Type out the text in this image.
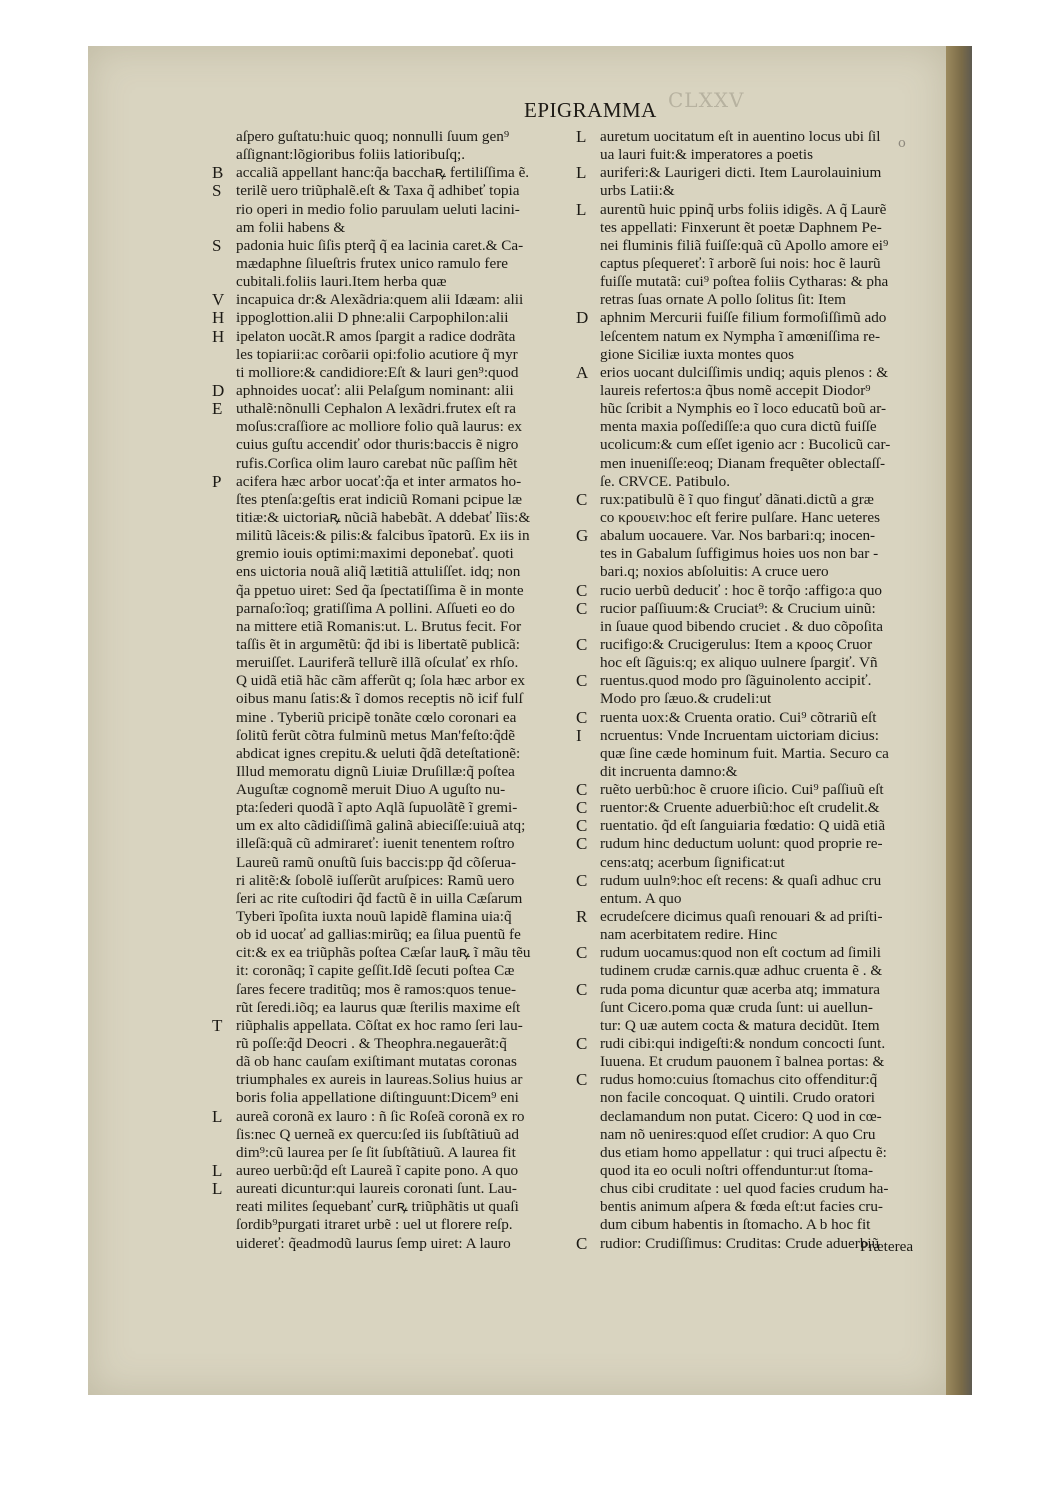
CLXXV
EPIGRAMMA
o
aſpero guſtatu:huic quoq; nonnulli ſuum gen⁹
aſſignant:lõgioribus foliis latioribuſq;.
B accaliã appellant hanc:q̃a bacchaꝶ fertiliſſima ẽ.
S terilẽ uero triũphalẽ.eſt & Taxa q̃ adhibeť topia
rio operi in medio folio paruulam ueluti lacini-
am folii habens &
S padonia huic ſiſis pterq̃ q̃ ea lacinia caret.& Ca-
mædaphne ſilueſtris frutex unico ramulo fere
cubitali.foliis lauri.Item herba quæ
V incapuica dr:& Alexãdria:quem alii Idæam: alii
H ippoglottion.alii D phne:alii Carpophilon:alii
H ipelaton uocãt.R amos ſpargit a radice dodrãta
les topiarii:ac corõarii opi:folio acutiore q̃ myr
ti molliore:& candidiore:Eſt & lauri gen⁹:quod
D aphnoides uocať: alii Pelaſgum nominant: alii
E uthalẽ:nõnulli Cephalon A lexãdri.frutex eſt ra
moſus:craſſiore ac molliore folio quã laurus: ex
cuius guſtu accendiť odor thuris:baccis ẽ nigro
rufis.Corſica olim lauro carebat nũc paſſim hẽt
P acifera hæc arbor uocať:q̃a et inter armatos ho-
ſtes ptenſa:geſtis erat indiciũ Romani pcipue læ
titiæ:& uictoriaꝶ nũciã habebãt. A ddebať lĩis:&
militũ lãceis:& pilis:& falcibus ĩpatorũ. Ex iis in
gremio iouis optimi:maximi deponebať. quoti
ens uictoria nouã aliq̃ lætitiã attuliſſet. idq; non
q̃a ppetuo uiret: Sed q̃a ſpectatiſſima ẽ in monte
parnaſo:ĩoq; gratiſſima A pollini. Aſſueti eo do
na mittere etiã Romanis:ut. L. Brutus fecit. For
taſſis ẽt in argumẽtũ: q̃d ibi is libertatẽ publicã:
meruiſſet. Lauriferã tellurẽ illã oſculať ex rhſo.
Q uidã etiã hãc cãm afferũt q; ſola hæc arbor ex
oibus manu ſatis:& ĩ domos receptis nõ icif fulſ
mine . Tyberiũ pricipẽ tonãte cœlo coronari ea
ſolitũ ferũt cõtra fulminũ metus Man'feſto:q̃dẽ
abdicat ignes crepitu.& ueluti q̃dã deteſtationẽ:
Illud memoratu dignũ Liuiæ Druſillæ:q̃ poſtea
Auguſtæ cognomẽ meruit Diuo A uguſto nu-
pta:ſederi quodã ĩ apto Aqlã ſupuolãtẽ ĩ gremi-
um ex alto cãdidiſſimã galinã abieciſſe:uiuã atq;
illeſã:quã cũ admirareť: iuenit tenentem roſtro
Laureũ ramũ onuſtũ ſuis baccis:pp q̃d cõſerua-
ri alitẽ:& ſobolẽ iuſſerũt aruſpices: Ramũ uero
ſeri ac rite cuſtodiri q̃d factũ ẽ in uilla Cæſarum
Tyberi ĩpoſita iuxta nouũ lapidẽ flamina uia:q̃
ob id uocať ad gallias:mirũq; ea ſilua puentũ fe
cit:& ex ea triũphãs poſtea Cæſar lauꝶ ĩ mãu tẽu
it: coronãq; ĩ capite geſſit.Idẽ ſecuti poſtea Cæ
ſares fecere traditũq; mos ẽ ramos:quos tenue-
rũt ſeredi.iõq; ea laurus quæ ſterilis maxime eſt
T riũphalis appellata. Cõſtat ex hoc ramo ſeri lau-
rũ poſſe:q̃d Deocri . & Theophra.negauerãt:q̃
dã ob hanc cauſam exiſtimant mutatas coronas
triumphales ex aureis in laureas.Solius huius ar
boris folia appellatione diſtinguunt:Dicem⁹ eni
L aureã coronã ex lauro : ñ ſic Roſeã coronã ex ro
ſis:nec Q uerneã ex quercu:ſed iis ſubſtãtiuũ ad
dim⁹:cũ laurea per ſe ſit ſubſtãtiuũ. A laurea fit
L aureo uerbũ:q̃d eſt Laureã ĩ capite pono. A quo
L aureati dicuntur:qui laureis coronati ſunt. Lau-
reati milites ſequebanť curꝶ triũphãtis ut quaſi
ſordib⁹purgati itraret urbẽ : uel ut florere reſp.
uidereť: q̃eadmodũ laurus ſemp uiret: A lauro
L auretum uocitatum eſt in auentino locus ubi ſil
ua lauri fuit:& imperatores a poetis
L auriferi:& Laurigeri dicti. Item Laurolauinium
urbs Latii:&
L aurentũ huic ppinq̃ urbs foliis idigẽs. A q̃ Laurẽ
tes appellati: Finxerunt ẽt poetæ Daphnem Pe-
nei fluminis filiã fuiſſe:quã cũ Apollo amore ei⁹
captus pſequereť: ĩ arborẽ ſui nois: hoc ẽ laurũ
fuiſſe mutatã: cui⁹ poſtea foliis Cytharas: & pha
retras ſuas ornate A pollo ſolitus ſit: Item
D aphnim Mercurii fuiſſe filium formoſiſſimũ ado
leſcentem natum ex Nympha ĩ amœniſſima re-
gione Siciliæ iuxta montes quos
A erios uocant dulciſſimis undiq; aquis plenos : &
laureis refertos:a q̃bus nomẽ accepit Diodor⁹
hũc ſcribit a Nymphis eo ĩ loco educatũ boũ ar-
menta maxia poſſediſſe:a quo cura dictũ fuiſſe
ucolicum:& cum eſſet igenio acr : Bucolicũ car-
men inueniſſe:eoq; Dianam frequẽter oblectaſſ-
ſe. CRVCE. Patibulo.
C rux:patibulũ ẽ ĩ quo finguť dãnati.dictũ a græ
co κρουειν:hoc eſt ferire pulſare. Hanc ueteres
G abalum uocauere. Var. Nos barbari:q; inocen-
tes in Gabalum ſuffigimus hoies uos non bar -
bari.q; noxios abſoluitis: A cruce uero
C rucio uerbũ deduciť : hoc ẽ torq̃o :affigo:a quo
C rucior paſſiuum:& Cruciat⁹: & Crucium uinũ:
in ſuaue quod bibendo cruciet . & duo cõpoſita
C rucifigo:& Crucigerulus: Item a κροος Cruor
hoc eſt ſãguis:q; ex aliquo uulnere ſpargiť. Vñ
C ruentus.quod modo pro ſãguinolento accipiť.
Modo pro ſæuo.& crudeli:ut
C ruenta uox:& Cruenta oratio. Cui⁹ cõtrariũ eſt
I	ncruentus: Vnde Incruentam uictoriam dicius:
quæ ſine cæde hominum fuit. Martia. Securo ca
dit incruenta damno:&
C ruẽto uerbũ:hoc ẽ cruore iſicio. Cui⁹ paſſiuũ eſt
C ruentor:& Cruente aduerbiũ:hoc eſt crudelit.&
C ruentatio. q̃d eſt ſanguiaria fœdatio: Q uidã etiã
C rudum hinc deductum uolunt: quod proprie re-
cens:atq; acerbum ſignificat:ut
C rudum uulnꝰ:hoc eſt recens: & quaſi adhuc cru
entum. A quo
R ecrudeſcere dicimus quaſi renouari & ad priſti-
nam acerbitatem redire. Hinc
C rudum uocamus:quod non eſt coctum ad ſimili
tudinem crudæ carnis.quæ adhuc cruenta ẽ . &
C ruda poma dicuntur quæ acerba atq; immatura
ſunt Cicero.poma quæ cruda ſunt: ui auellun-
tur: Q uæ autem cocta & matura decidũt. Item
C rudi cibi:qui indigeſti:& nondum concocti ſunt.
Iuuena. Et crudum pauonem ĩ balnea portas: &
C rudus homo:cuius ſtomachus cito offenditur:q̃
non facile concoquat. Q uintili. Crudo oratori
declamandum non putat. Cicero: Q uod in cœ-
nam nõ uenires:quod eſſet crudior: A quo Cru
dus etiam homo appellatur : qui truci aſpectu ẽ:
quod ita eo oculi noſtri offenduntur:ut ſtoma-
chus cibi cruditate : uel quod facies crudum ha-
bentis animum aſpera & fœda eſt:ut facies cru-
dum cibum habentis in ſtomacho. A b hoc fit
C rudior: Crudiſſimus: Cruditas: Crude aduerbiũ
Præterea
